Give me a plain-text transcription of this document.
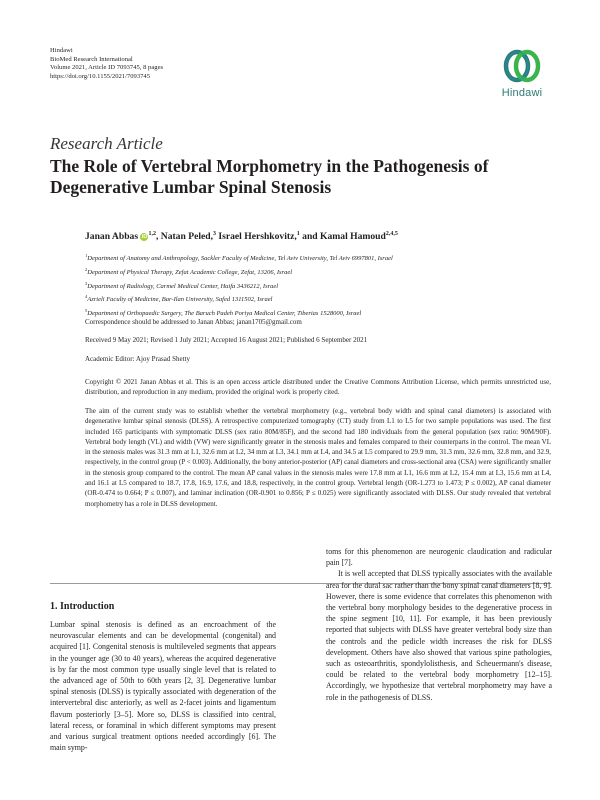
Hindawi
BioMed Research International
Volume 2021, Article ID 7093745, 8 pages
https://doi.org/10.1155/2021/7093745
Hindawi
Research Article
The Role of Vertebral Morphometry in the Pathogenesis of Degenerative Lumbar Spinal Stenosis
Janan Abbas iD$^{1,2}$, Natan Peled,$^3$ Israel Hershkovitz,$^1$ and Kamal Hamoud$^{2,4,5}$
$^1$Department of Anatomy and Anthropology, Sackler Faculty of Medicine, Tel Aviv University, Tel Aviv 6997801, Israel
$^2$Department of Physical Therapy, Zefat Academic College, Zefat, 13206, Israel
$^3$Department of Radiology, Carmel Medical Center, Haifa 3436212, Israel
$^4$Azrieli Faculty of Medicine, Bar-Ilan University, Safed 1311502, Israel
$^5$Department of Orthopaedic Surgery, The Baruch Padeh Poriya Medical Center, Tiberias 1528000, Israel
Correspondence should be addressed to Janan Abbas; janan1705@gmail.com
Received 9 May 2021; Revised 1 July 2021; Accepted 16 August 2021; Published 6 September 2021
Academic Editor: Ajoy Prasad Shetty
Copyright © 2021 Janan Abbas et al. This is an open access article distributed under the Creative Commons Attribution License, which permits unrestricted use, distribution, and reproduction in any medium, provided the original work is properly cited.
The aim of the current study was to establish whether the vertebral morphometry (e.g., vertebral body width and spinal canal diameters) is associated with degenerative lumbar spinal stenosis (DLSS). A retrospective computerized tomography (CT) study from L1 to L5 for two sample populations was used. The first included 165 participants with symptomatic DLSS (sex ratio 80M/85F), and the second had 180 individuals from the general population (sex ratio: 90M/90F). Vertebral body length (VL) and width (VW) were significantly greater in the stenosis males and females compared to their counterparts in the control. The mean VL in the stenosis males was 31.3 mm at L1, 32.6 mm at L2, 34 mm at L3, 34.1 mm at L4, and 34.5 at L5 compared to 29.9 mm, 31.3 mm, 32.6 mm, 32.8 mm, and 32.9, respectively, in the control group (P < 0.003). Additionally, the bony anterior-posterior (AP) canal diameters and cross-sectional area (CSA) were significantly smaller in the stenosis group compared to the control. The mean AP canal values in the stenosis males were 17.8 mm at L1, 16.6 mm at L2, 15.4 mm at L3, 15.6 mm at L4, and 16.1 at L5 compared to 18.7, 17.8, 16.9, 17.6, and 18.8, respectively, in the control group. Vertebral length (OR-1.273 to 1.473; P ≤ 0.002), AP canal diameter (OR-0.474 to 0.664; P ≤ 0.007), and laminar inclination (OR-0.901 to 0.856; P ≤ 0.025) were significantly associated with DLSS. Our study revealed that vertebral morphometry has a role in DLSS development.
1. Introduction

Lumbar spinal stenosis is defined as an encroachment of the neurovascular elements and can be developmental (congenital) and acquired [1]. Congenital stenosis is multileveled segments that appears in the younger age (30 to 40 years), whereas the acquired degenerative is by far the most common type usually single level that is related to the advanced age of 50th to 60th years [2, 3]. Degenerative lumbar spinal stenosis (DLSS) is typically associated with degeneration of the intervertebral disc anteriorly, as well as 2-facet joints and ligamentum flavum posteriorly [3–5]. More so, DLSS is classified into central, lateral recess, or foraminal in which different symptoms may present and various surgical treatment options needed accordingly [6]. The main symp-

toms for this phenomenon are neurogenic claudication and radicular pain [7].

It is well accepted that DLSS typically associates with the available area for the dural sac rather than the bony spinal canal diameters [8, 9]. However, there is some evidence that correlates this phenomenon with the vertebral bony morphology besides to the degenerative process in the spine segment [10, 11]. For example, it has been previously reported that subjects with DLSS have greater vertebral body size than the controls and the pedicle width increases the risk for DLSS development. Others have also showed that various spine pathologies, such as osteoarthritis, spondylolisthesis, and Scheuermann's disease, could be related to the vertebral body morphometry [12–15]. Accordingly, we hypothesize that vertebral morphometry may have a role in the pathogenesis of DLSS.
